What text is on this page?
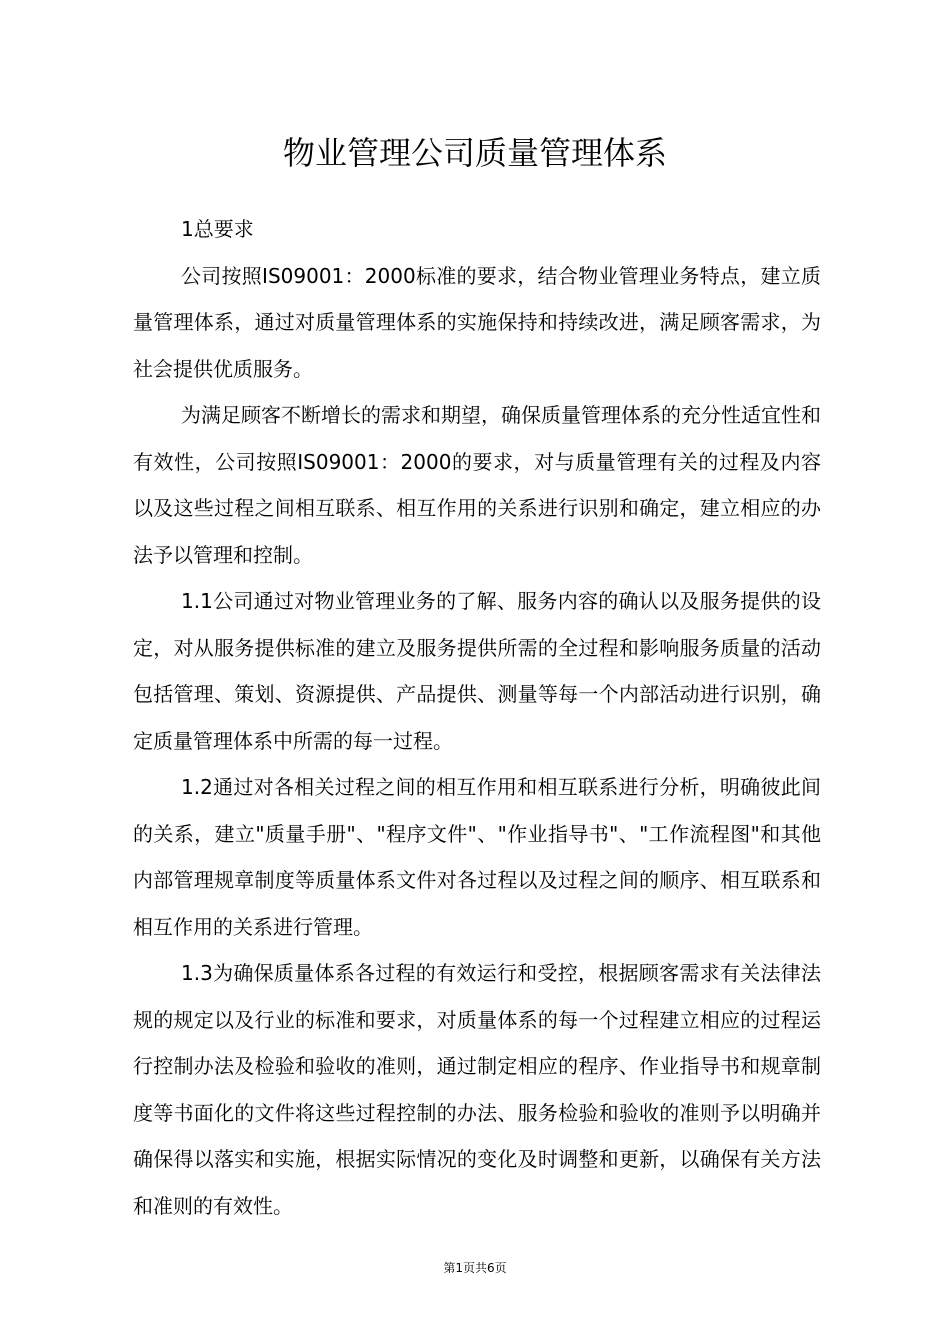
物业管理公司质量管理体系

1总要求

公司按照IS09001：2000标准的要求，结合物业管理业务特点，建立质量管理体系，通过对质量管理体系的实施保持和持续改进，满足顾客需求，为社会提供优质服务。

为满足顾客不断增长的需求和期望，确保质量管理体系的充分性适宜性和有效性，公司按照IS09001：2000的要求，对与质量管理有关的过程及内容以及这些过程之间相互联系、相互作用的关系进行识别和确定，建立相应的办法予以管理和控制。

1.1公司通过对物业管理业务的了解、服务内容的确认以及服务提供的设定，对从服务提供标准的建立及服务提供所需的全过程和影响服务质量的活动包括管理、策划、资源提供、产品提供、测量等每一个内部活动进行识别，确定质量管理体系中所需的每一过程。

1.2通过对各相关过程之间的相互作用和相互联系进行分析，明确彼此间的关系，建立"质量手册"、"程序文件"、"作业指导书"、"工作流程图"和其他内部管理规章制度等质量体系文件对各过程以及过程之间的顺序、相互联系和相互作用的关系进行管理。

1.3为确保质量体系各过程的有效运行和受控，根据顾客需求有关法律法规的规定以及行业的标准和要求，对质量体系的每一个过程建立相应的过程运行控制办法及检验和验收的准则，通过制定相应的程序、作业指导书和规章制度等书面化的文件将这些过程控制的办法、服务检验和验收的准则予以明确并确保得以落实和实施，根据实际情况的变化及时调整和更新，以确保有关方法和准则的有效性。

第1页共6页
